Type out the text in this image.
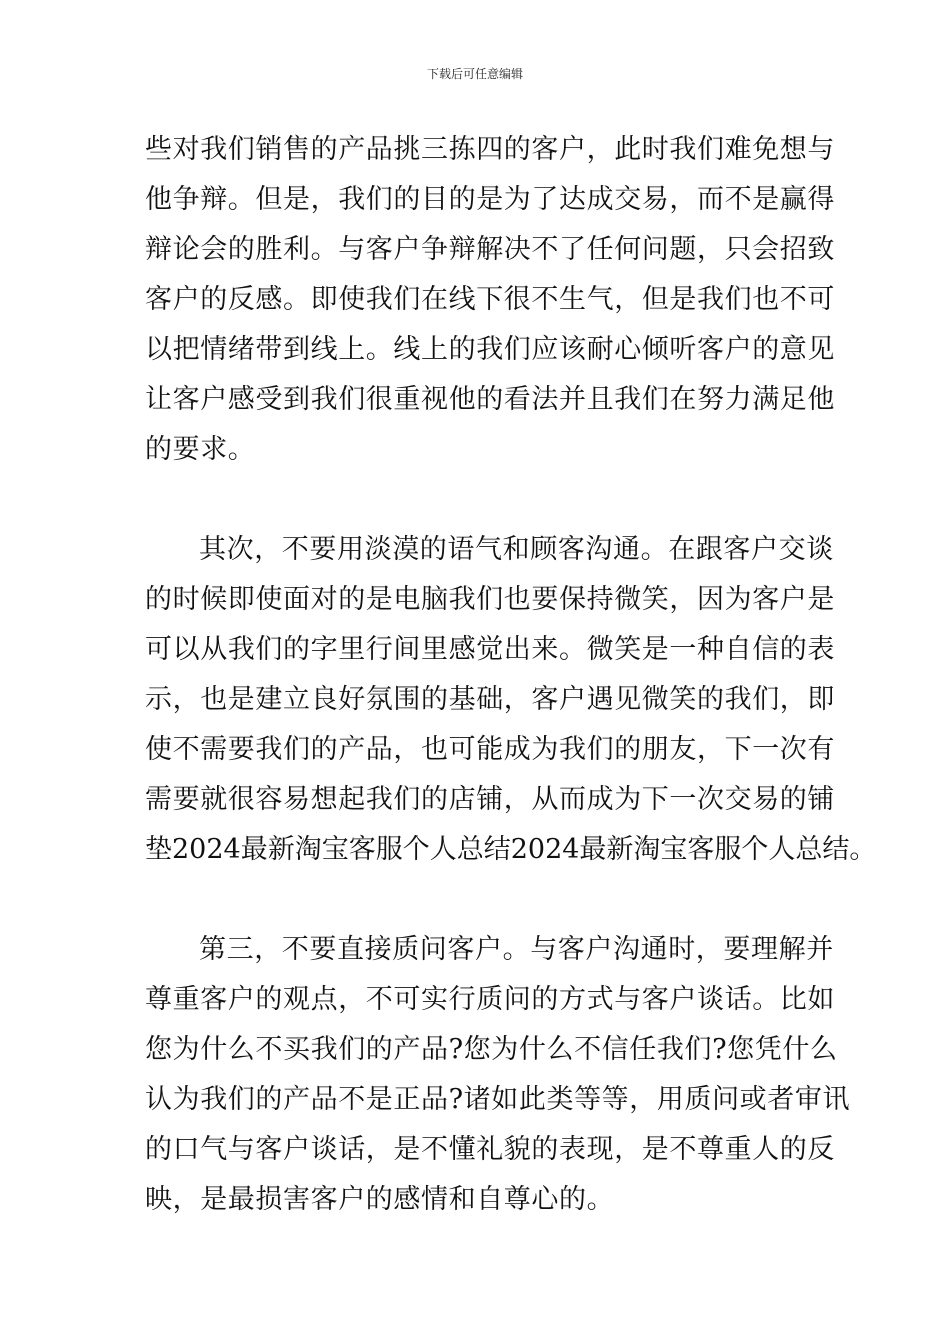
下载后可任意编辑
些对我们销售的产品挑三拣四的客户，此时我们难免想与
他争辩。但是，我们的目的是为了达成交易，而不是赢得
辩论会的胜利。与客户争辩解决不了任何问题，只会招致
客户的反感。即使我们在线下很不生气，但是我们也不可
以把情绪带到线上。线上的我们应该耐心倾听客户的意见
让客户感受到我们很重视他的看法并且我们在努力满足他
的要求。
其次，不要用淡漠的语气和顾客沟通。在跟客户交谈
的时候即使面对的是电脑我们也要保持微笑，因为客户是
可以从我们的字里行间里感觉出来。微笑是一种自信的表
示，也是建立良好氛围的基础，客户遇见微笑的我们，即
使不需要我们的产品，也可能成为我们的朋友，下一次有
需要就很容易想起我们的店铺，从而成为下一次交易的铺
垫2024最新淘宝客服个人总结2024最新淘宝客服个人总结。
第三，不要直接质问客户。与客户沟通时，要理解并
尊重客户的观点，不可实行质问的方式与客户谈话。比如
您为什么不买我们的产品?您为什么不信任我们?您凭什么
认为我们的产品不是正品?诸如此类等等，用质问或者审讯
的口气与客户谈话，是不懂礼貌的表现，是不尊重人的反
映，是最损害客户的感情和自尊心的。
